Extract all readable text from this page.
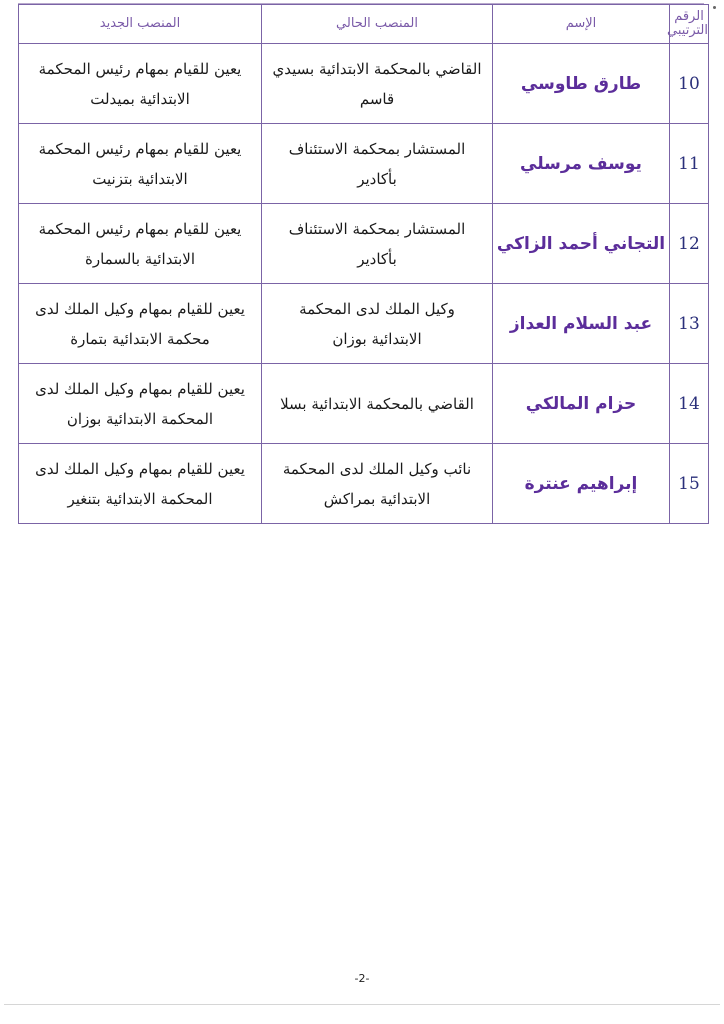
الرقم الترتيبي	الإسم	المنصب الحالي	المنصب الجديد
10	طارق طاوسي	القاضي بالمحكمة الابتدائية بسيدي قاسم	يعين للقيام بمهام رئيس المحكمة الابتدائية بميدلت

11	يوسف مرسلي	المستشار بمحكمة الاستئناف بأكادير	يعين للقيام بمهام رئيس المحكمة الابتدائية بتزنيت

12	التجاني أحمد الزاكي	المستشار بمحكمة الاستئناف بأكادير	يعين للقيام بمهام رئيس المحكمة الابتدائية بالسمارة

13	عبد السلام العداز	وكيل الملك لدى المحكمة الابتدائية بوزان	يعين للقيام بمهام وكيل الملك لدى محكمة الابتدائية بتمارة

14	حزام المالكي	القاضي بالمحكمة الابتدائية بسلا	يعين للقيام بمهام وكيل الملك لدى المحكمة الابتدائية بوزان

15	إبراهيم عنترة	نائب وكيل الملك لدى المحكمة الابتدائية بمراكش	يعين للقيام بمهام وكيل الملك لدى المحكمة الابتدائية بتنغير
-2-
